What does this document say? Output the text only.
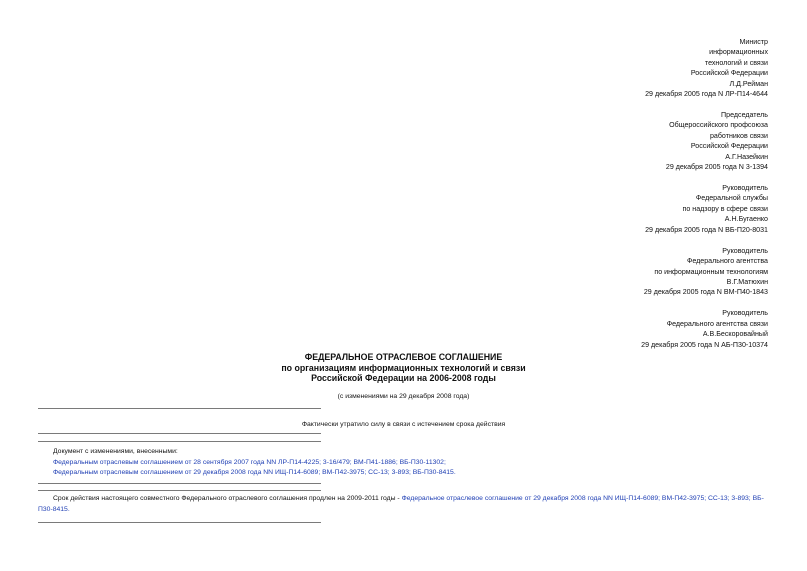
Министр
информационных
технологий и связи
Российской Федерации
Л.Д.Рейман
29 декабря 2005 года N ЛР-П14-4644
Председатель
Общероссийского профсоюза
работников связи
Российской Федерации
А.Г.Назейкин
29 декабря 2005 года N 3-1394
Руководитель
Федеральной службы
по надзору в сфере связи
А.Н.Бугаенко
29 декабря 2005 года N ВБ-П20-8031
Руководитель
Федерального агентства
по информационным технологиям
В.Г.Матюхин
29 декабря 2005 года N ВМ-П40-1843
Руководитель
Федерального агентства связи
А.В.Бескоровайный
29 декабря 2005 года N АБ-П30-10374
ФЕДЕРАЛЬНОЕ ОТРАСЛЕВОЕ СОГЛАШЕНИЕ
по организациям информационных технологий и связи
Российской Федерации на 2006-2008 годы
(с изменениями на 29 декабря 2008 года)
Фактически утратило силу в связи с истечением срока действия
Документ с изменениями, внесенными:
Федеральным отраслевым соглашением от 28 сентября 2007 года NN ЛР-П14-4225; 3-16/479; ВМ-П41-1886; ВБ-П30-11302;
Федеральным отраслевым соглашением от 29 декабря 2008 года NN ИЩ-П14-6089; ВМ-П42-3975; СС-13; 3-893; ВБ-П30-8415.
Срок действия настоящего совместного Федерального отраслевого соглашения продлен на 2009-2011 годы - Федеральное отраслевое соглашение от 29 декабря 2008 года NN ИЩ-П14-6089; ВМ-П42-3975; СС-13; 3-893; ВБ-П30-8415.
